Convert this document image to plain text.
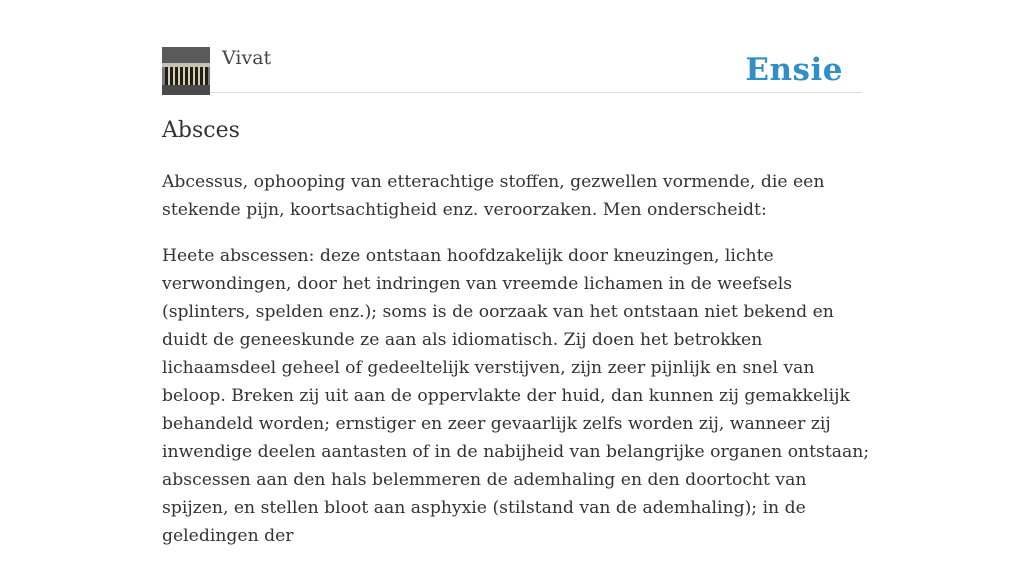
Vivat	Ensie
Absces

Abcessus, ophooping van etterachtige stoffen, gezwellen vormende, die een stekende pijn, koortsachtigheid enz. veroorzaken. Men onderscheidt:

Heete abscessen: deze ontstaan hoofdzakelijk door kneuzingen, lichte verwondingen, door het indringen van vreemde lichamen in de weefsels (splinters, spelden enz.); soms is de oorzaak van het ontstaan niet bekend en duidt de geneeskunde ze aan als idiomatisch. Zij doen het betrokken lichaamsdeel geheel of gedeeltelijk verstijven, zijn zeer pijnlijk en snel van beloop. Breken zij uit aan de oppervlakte der huid, dan kunnen zij gemakkelijk behandeld worden; ernstiger en zeer gevaarlijk zelfs worden zij, wanneer zij inwendige deelen aantasten of in de nabijheid van belangrijke organen ontstaan; abscessen aan den hals belemmeren de ademhaling en den doortocht van spijzen, en stellen bloot aan asphyxie (stilstand van de ademhaling); in de geledingen der
